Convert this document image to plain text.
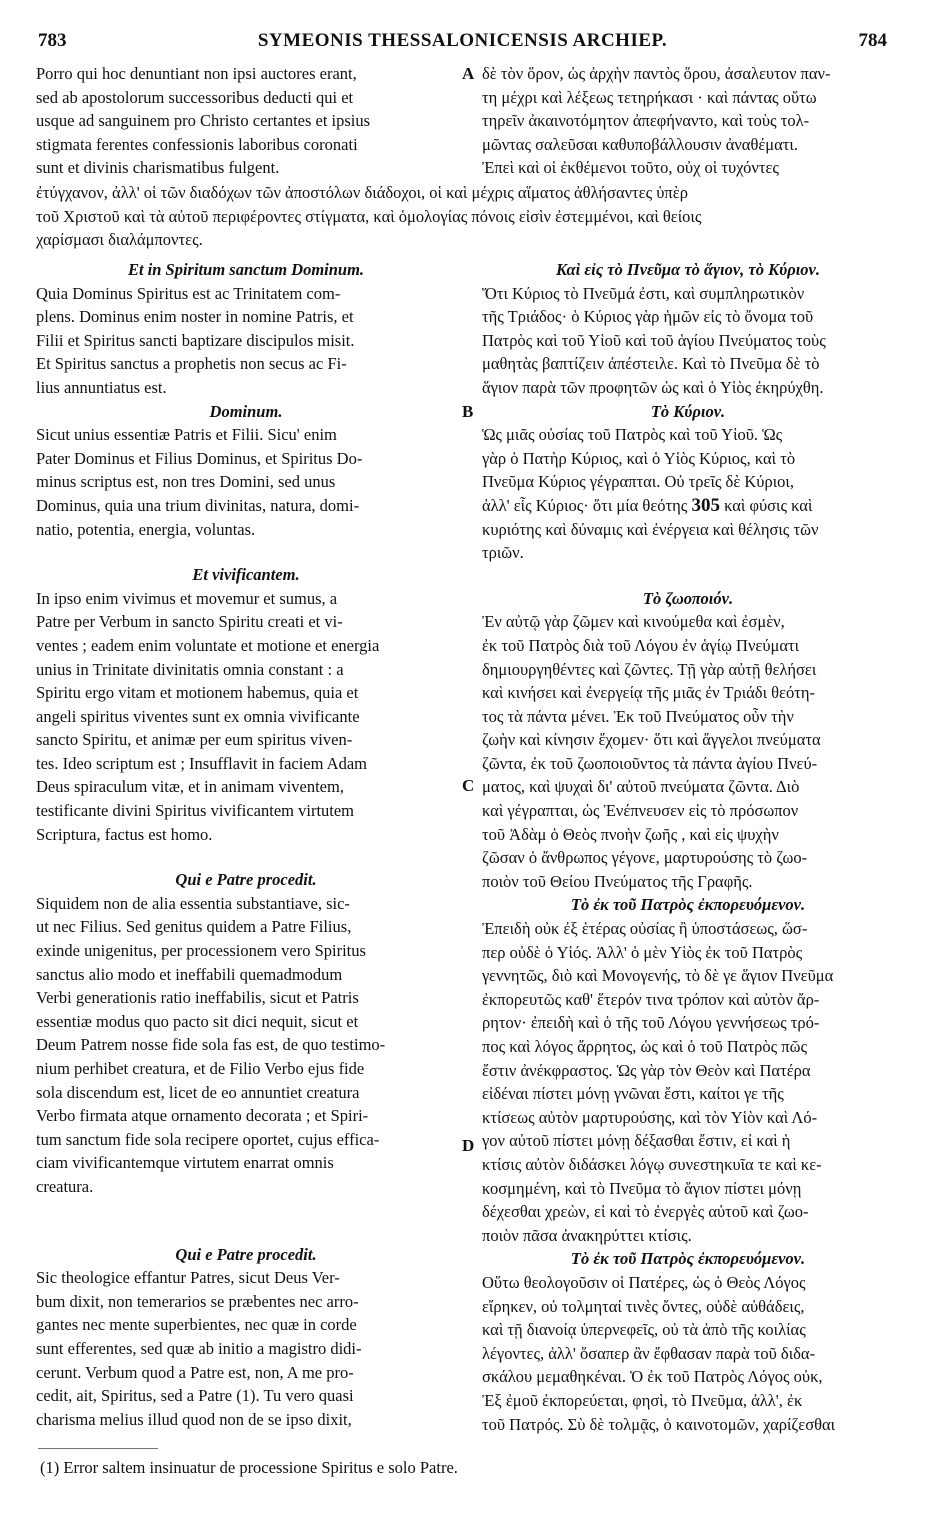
783	SYMEONIS THESSALONICENSIS ARCHIEP.	784
Porro qui hoc denuntiant non ipsi auctores erant,
sed ab apostolorum successoribus deducti qui et
usque ad sanguinem pro Christo certantes et ipsius
stigmata ferentes confessionis laboribus coronati
sunt et divinis charismatibus fulgent.
δὲ τὸν ὅρον, ὡς ἀρχὴν παντὸς ὅρου, ἀσαλευτον παν-
τη μέχρι καὶ λέξεως τετηρήκασι · καὶ πάντας οὕτω
τηρεῖν ἀκαινοτόμητον ἀπεφήναντο, καὶ τοὺς τολ-
μῶντας σαλεῦσαι καθυποβάλλουσιν ἀναθέματι.
Ἐπεὶ καὶ οἱ ἐκθέμενοι τοῦτο, οὐχ οἱ τυχόντες
A
ἐτύγχανον, ἀλλ' οἱ τῶν διαδόχων τῶν ἀποστόλων διάδοχοι, οἱ καὶ μέχρις αἵματος ἀθλήσαντες ὑπὲρ
τοῦ Χριστοῦ καὶ τὰ αὐτοῦ περιφέροντες στίγματα, καὶ ὁμολογίας πόνοις εἰσὶν ἐστεμμένοι, καὶ θείοις
χαρίσμασι διαλάμποντες.
Et in Spiritum sanctum Dominum.
Quia Dominus Spiritus est ac Trinitatem com-
plens. Dominus enim noster in nomine Patris, et
Filii et Spiritus sancti baptizare discipulos misit.
Et Spiritus sanctus a prophetis non secus ac Fi-
lius annuntiatus est.
Dominum.
Sicut unius essentiæ Patris et Filii. Sicu' enim
Pater Dominus et Filius Dominus, et Spiritus Do-
minus scriptus est, non tres Domini, sed unus
Dominus, quia una trium divinitas, natura, domi-
natio, potentia, energia, voluntas.
Et vivificantem.
In ipso enim vivimus et movemur et sumus, a
Patre per Verbum in sancto Spiritu creati et vi-
ventes ; eadem enim voluntate et motione et energia
unius in Trinitate divinitatis omnia constant : a
Spiritu ergo vitam et motionem habemus, quia et
angeli spiritus viventes sunt ex omnia vivificante
sancto Spiritu, et animæ per eum spiritus viven-
tes. Ideo scriptum est ; Insufflavit in faciem Adam
Deus spiraculum vitæ, et in animam viventem,
testificante divini Spiritus vivificantem virtutem
Scriptura, factus est homo.
Qui e Patre procedit.
Siquidem non de alia essentia substantiave, sic-
ut nec Filius. Sed genitus quidem a Patre Filius,
exinde unigenitus, per processionem vero Spiritus
sanctus alio modo et ineffabili quemadmodum
Verbi generationis ratio ineffabilis, sicut et Patris
essentiæ modus quo pacto sit dici nequit, sicut et
Deum Patrem nosse fide sola fas est, de quo testimo-
nium perhibet creatura, et de Filio Verbo ejus fide
sola discendum est, licet de eo annuntiet creatura
Verbo firmata atque ornamento decorata ; et Spiri-
tum sanctum fide sola recipere oportet, cujus effica-
ciam vivificantemque virtutem enarrat omnis
creatura.
Qui e Patre procedit.
Sic theologice effantur Patres, sicut Deus Ver-
bum dixit, non temerarios se præbentes nec arro-
gantes nec mente superbientes, nec quæ in corde
sunt efferentes, sed quæ ab initio a magistro didi-
cerunt. Verbum quod a Patre est, non, A me pro-
cedit, ait, Spiritus, sed a Patre (1). Tu vero quasi
charisma melius illud quod non de se ipso dixit,
Καὶ εἰς τὸ Πνεῦμα τὸ ἅγιον, τὸ Κύριον.
Ὅτι Κύριος τὸ Πνεῦμά ἐστι, καὶ συμπληρωτικὸν
τῆς Τριάδος· ὁ Κύριος γὰρ ἡμῶν εἰς τὸ ὄνομα τοῦ
Πατρὸς καὶ τοῦ Υἱοῦ καὶ τοῦ ἁγίου Πνεύματος τοὺς
μαθητὰς βαπτίζειν ἀπέστειλε. Καὶ τὸ Πνεῦμα δὲ τὸ
ἅγιον παρὰ τῶν προφητῶν ὡς καὶ ὁ Υἱὸς ἐκηρύχθη.
Τὸ Κύριον.
Ὡς μιᾶς οὐσίας τοῦ Πατρὸς καὶ τοῦ Υἱοῦ. Ὡς
γὰρ ὁ Πατὴρ Κύριος, καὶ ὁ Υἱὸς Κύριος, καὶ τὸ
Πνεῦμα Κύριος γέγραπται. Οὐ τρεῖς δὲ Κύριοι,
ἀλλ' εἷς Κύριος· ὅτι μία θεότης 305 καὶ φύσις καὶ
κυριότης καὶ δύναμις καὶ ἐνέργεια καὶ θέλησις τῶν
τριῶν.
Τὸ ζωοποιόν.
Ἐν αὐτῷ γὰρ ζῶμεν καὶ κινούμεθα καὶ ἐσμὲν,
ἐκ τοῦ Πατρὸς διὰ τοῦ Λόγου ἐν ἁγίῳ Πνεύματι
δημιουργηθέντες καὶ ζῶντες. Τῇ γὰρ αὐτῇ θελήσει
καὶ κινήσει καὶ ἐνεργείᾳ τῆς μιᾶς ἐν Τριάδι θεότη-
τος τὰ πάντα μένει. Ἐκ τοῦ Πνεύματος οὖν τὴν
ζωὴν καὶ κίνησιν ἔχομεν· ὅτι καὶ ἄγγελοι πνεύματα
ζῶντα, ἐκ τοῦ ζωοποιοῦντος τὰ πάντα ἁγίου Πνεύ-
ματος, καὶ ψυχαὶ δι' αὐτοῦ πνεύματα ζῶντα. Διὸ
καὶ γέγραπται, ὡς Ἐνέπνευσεν εἰς τὸ πρόσωπον
τοῦ Ἀδὰμ ὁ Θεὸς πνοὴν ζωῆς , καὶ εἰς ψυχὴν
ζῶσαν ὁ ἄνθρωπος γέγονε, μαρτυρούσης τὸ ζωο-
ποιὸν τοῦ Θείου Πνεύματος τῆς Γραφῆς.
Τὸ ἐκ τοῦ Πατρὸς ἐκπορευόμενον.
Ἐπειδὴ οὐκ ἐξ ἑτέρας οὐσίας ἢ ὑποστάσεως, ὥσ-
περ οὐδὲ ὁ Υἱός. Ἀλλ' ὁ μὲν Υἱὸς ἐκ τοῦ Πατρὸς
γεννητῶς, διὸ καὶ Μονογενής, τὸ δὲ γε ἅγιον Πνεῦμα
ἐκπορευτῶς καθ' ἕτερόν τινα τρόπον καὶ αὐτὸν ἄρ-
ρητον· ἐπειδὴ καὶ ὁ τῆς τοῦ Λόγου γεννήσεως τρό-
πος καὶ λόγος ἄρρητος, ὡς καὶ ὁ τοῦ Πατρὸς πῶς
ἔστιν ἀνέκφραστος. Ὡς γὰρ τὸν Θεὸν καὶ Πατέρα
εἰδέναι πίστει μόνῃ γνῶναι ἔστι, καίτοι γε τῆς
κτίσεως αὐτὸν μαρτυρούσης, καὶ τὸν Υἱὸν καὶ Λό-
γον αὐτοῦ πίστει μόνῃ δέξασθαι ἔστιν, εἰ καὶ ἡ
κτίσις αὐτὸν διδάσκει λόγῳ συνεστηκυῖα τε καὶ κε-
κοσμημένη, καὶ τὸ Πνεῦμα τὸ ἅγιον πίστει μόνῃ
δέχεσθαι χρεὼν, εἰ καὶ τὸ ἐνεργὲς αὐτοῦ καὶ ζωο-
ποιὸν πᾶσα ἀνακηρύττει κτίσις.
Τὸ ἐκ τοῦ Πατρὸς ἐκπορευόμενον.
Οὕτω θεολογοῦσιν οἱ Πατέρες, ὡς ὁ Θεὸς Λόγος
εἴρηκεν, οὐ τολμηταί τινὲς ὄντες, οὐδὲ αὐθάδεις,
καὶ τῇ διανοίᾳ ὑπερνεφεῖς, οὐ τὰ ἀπὸ τῆς κοιλίας
λέγοντες, ἀλλ' ὅσαπερ ἂν ἔφθασαν παρὰ τοῦ διδα-
σκάλου μεμαθηκέναι. Ὁ ἐκ τοῦ Πατρὸς Λόγος οὐκ,
Ἐξ ἐμοῦ ἐκπορεύεται, φησὶ, τὸ Πνεῦμα, ἀλλ', ἐκ
τοῦ Πατρός. Σὺ δὲ τολμᾷς, ὁ καινοτομῶν, χαρίζεσθαι
B
C
D
(1) Error saltem insinuatur de processione Spiritus e solo Patre.
